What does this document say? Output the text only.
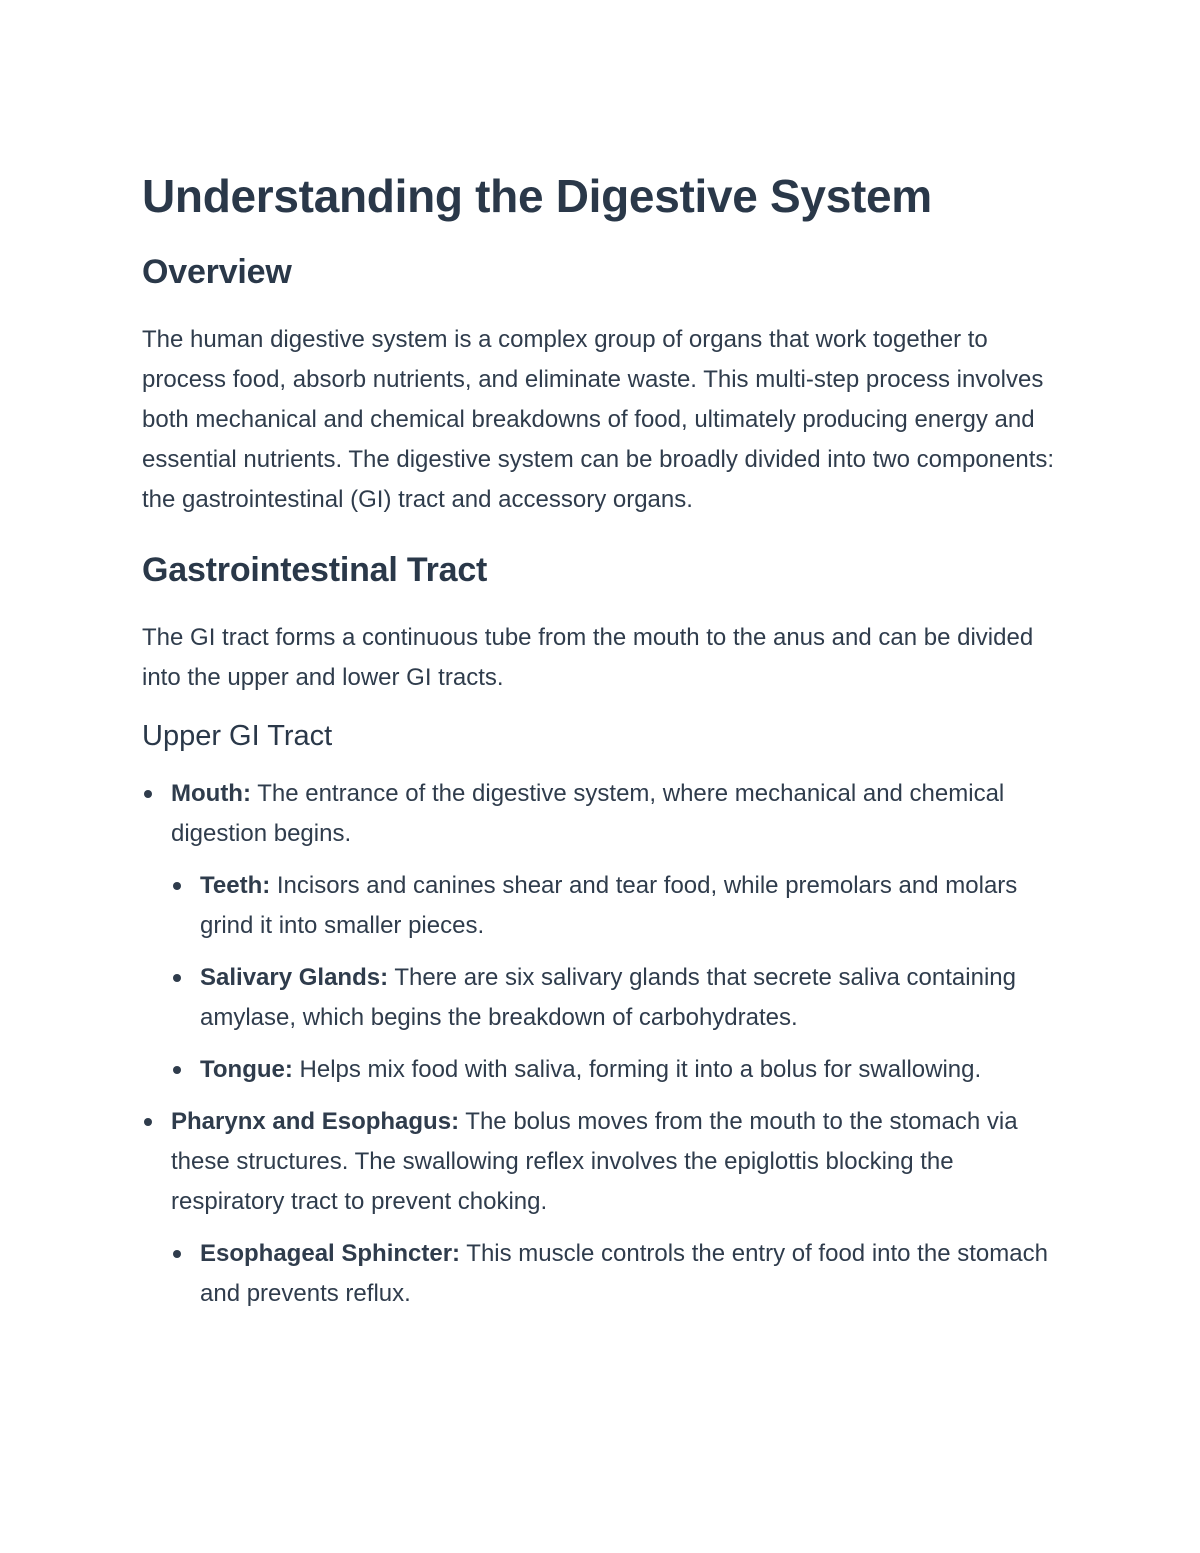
Understanding the Digestive System
Overview

The human digestive system is a complex group of organs that work together to process food, absorb nutrients, and eliminate waste. This multi-step process involves both mechanical and chemical breakdowns of food, ultimately producing energy and essential nutrients. The digestive system can be broadly divided into two components: the gastrointestinal (GI) tract and accessory organs.

Gastrointestinal Tract

The GI tract forms a continuous tube from the mouth to the anus and can be divided into the upper and lower GI tracts.

Upper GI Tract
Mouth: The entrance of the digestive system, where mechanical and chemical digestion begins.
Teeth: Incisors and canines shear and tear food, while premolars and molars grind it into smaller pieces.
Salivary Glands: There are six salivary glands that secrete saliva containing amylase, which begins the breakdown of carbohydrates.
Tongue: Helps mix food with saliva, forming it into a bolus for swallowing.
Pharynx and Esophagus: The bolus moves from the mouth to the stomach via these structures. The swallowing reflex involves the epiglottis blocking the respiratory tract to prevent choking.
Esophageal Sphincter: This muscle controls the entry of food into the stomach and prevents reflux.
